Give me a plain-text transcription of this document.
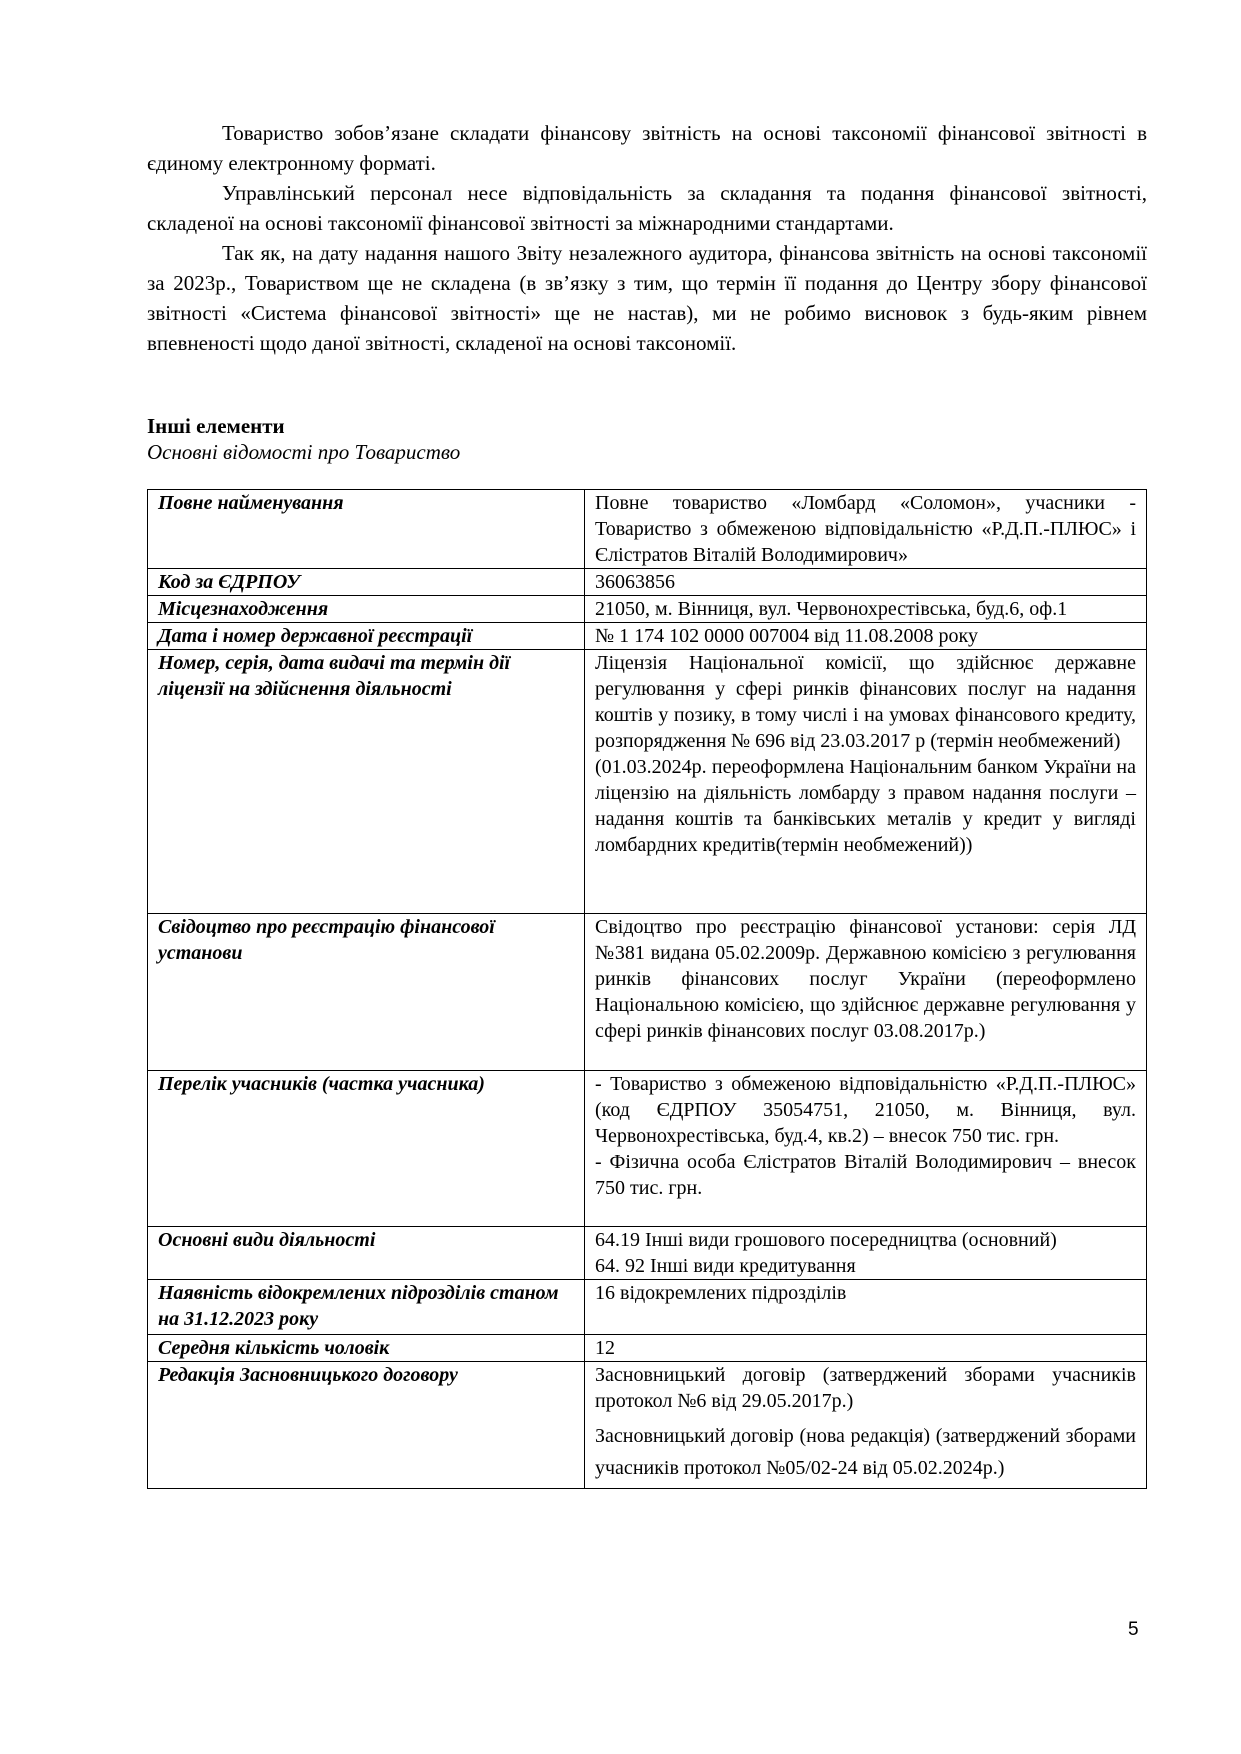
Товариство зобов’язане складати фінансову звітність на основі таксономії фінансової звітності в єдиному електронному форматі.

Управлінський персонал несе відповідальність за складання та подання фінансової звітності, складеної на основі таксономії фінансової звітності за міжнародними стандартами.

Так як, на дату надання нашого Звіту незалежного аудитора, фінансова звітність на основі таксономії за 2023р., Товариством ще не складена (в зв’язку з тим, що термін її подання до Центру збору фінансової звітності «Система фінансової звітності» ще не настав), ми не робимо висновок з будь-яким рівнем впевненості щодо даної звітності, складеної на основі таксономії.

Інші елементи
Основні відомості про Товариство
Повне найменування	Повне товариство «Ломбард «Соломон», учасники - Товариство з обмеженою відповідальністю «Р.Д.П.-ПЛЮС» і Єлістратов Віталій Володимирович»

Код за ЄДРПОУ	36063856

Місцезнаходження	21050, м. Вінниця, вул. Червонохрестівська, буд.6, оф.1

Дата і номер державної реєстрації	№ 1 174 102 0000 007004 від 11.08.2008 року

Номер, серія, дата видачі та термін дії ліцензії на здійснення діяльності	Ліцензія Національної комісії, що здійснює державне регулювання у сфері ринків фінансових послуг на надання коштів у позику, в тому числі і на умовах фінансового кредиту, розпорядження № 696 від 23.03.2017 р (термін необмежений)
(01.03.2024р. переоформлена Національним банком України на ліцензію на діяльність ломбарду з правом надання послуги – надання коштів та банківських металів у кредит у вигляді ломбардних кредитів(термін необмежений))

Свідоцтво про реєстрацію фінансової установи	Свідоцтво про реєстрацію фінансової установи: серія ЛД №381 видана 05.02.2009р. Державною комісією з регулювання ринків фінансових послуг України (переоформлено Національною комісією, що здійснює державне регулювання у сфері ринків фінансових послуг 03.08.2017р.)

Перелік учасників (частка учасника)	- Товариство з обмеженою відповідальністю «Р.Д.П.-ПЛЮС» (код ЄДРПОУ 35054751, 21050, м. Вінниця, вул. Червонохрестівська, буд.4, кв.2) – внесок 750 тис. грн.
- Фізична особа Єлістратов Віталій Володимирович – внесок 750 тис. грн.

Основні види діяльності	64.19 Інші види грошового посередництва (основний)
64. 92 Інші види кредитування

Наявність відокремлених підрозділів станом на 31.12.2023 року	16 відокремлених підрозділів

Середня кількість чоловік	12

Редакція Засновницького договору	Засновницький договір (затверджений зборами учасників протокол №6 від 29.05.2017р.)
Засновницький договір (нова редакція) (затверджений зборами учасників протокол №05/02-24 від 05.02.2024р.)
5
